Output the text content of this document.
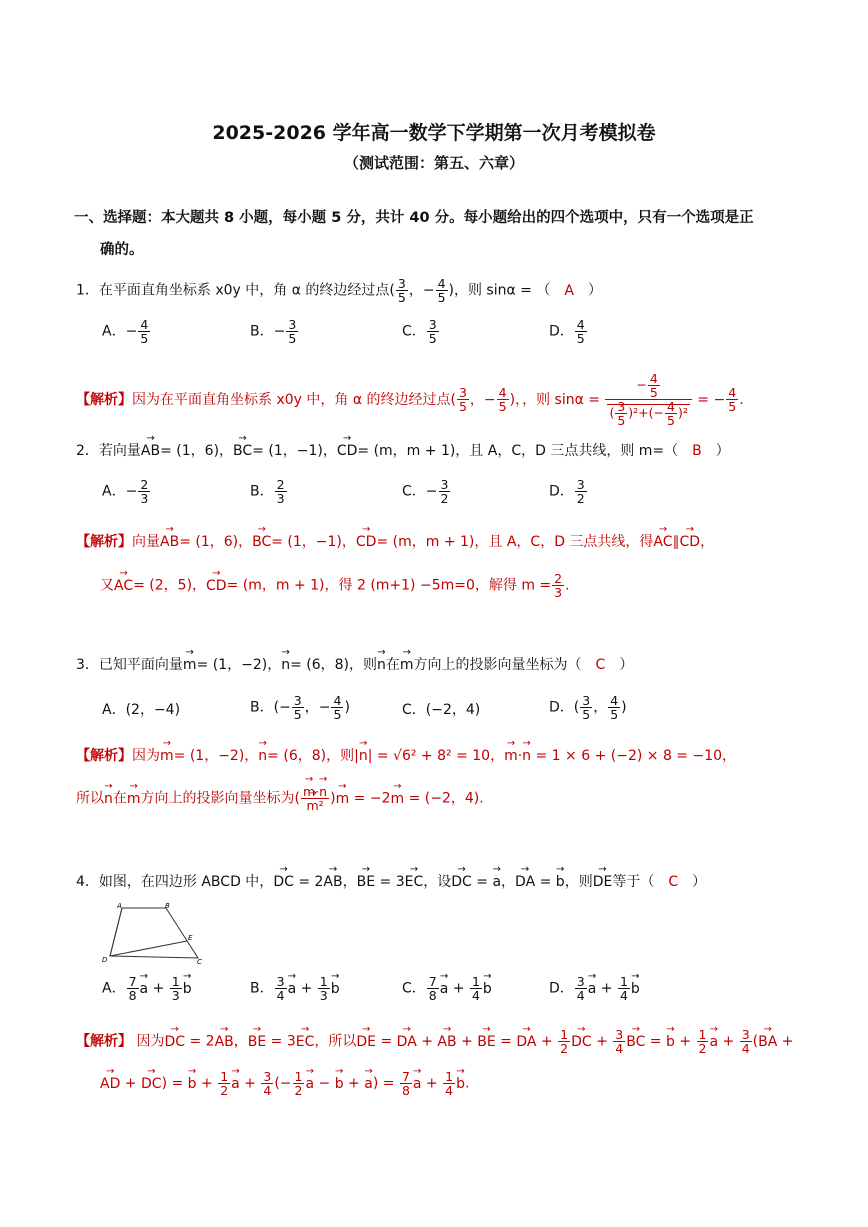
2025-2026 学年高一数学下学期第一次月考模拟卷
（测试范围：第五、六章）
一、选择题：本大题共 8 小题，每小题 5 分，共计 40 分。每小题给出的四个选项中，只有一个选项是正
确的。
1．在平面直角坐标系 x0y 中，角 α 的终边经过点( $\frac{3}{5}$ ，− $\frac{4}{5}$ )，则 sinα = （ A ）
A．− $\frac{4}{5}$	B．− $\frac{3}{5}$	C． $\frac{3}{5}$	D． $\frac{4}{5}$
【解析】因为在平面直角坐标系 x0y 中，角 α 的终边经过点( $\frac{3}{5}$ ，− $\frac{4}{5}$ )，，则 $\sin\alpha = \frac{- \frac{4}{5}}{( \frac{3}{5} )^2+(- \frac{4}{5} )^2}$ = − $\frac{4}{5}$ .
2．若向量→ AB= (1，6)，→ BC= (1，−1)，→ CD= (m，m + 1)，且 A，C，D 三点共线，则 m=（ B ）
A．− $\frac{2}{3}$	B． $\frac{2}{3}$	C．− $\frac{3}{2}$	D． $\frac{3}{2}$
【解析】向量→ AB= (1，6)，→ BC= (1，−1)，→ CD= (m，m + 1)，且 A，C，D 三点共线，得→ AC∥→ CD，
又→ AC= (2，5)，→ CD= (m，m + 1)，得 2 (m+1) −5m=0，解得 $m = \frac{2}{3}$ .
3．已知平面向量→ m= (1，−2)，→ n= (6，8)，则→ n在→ m方向上的投影向量坐标为（ C ）
A．(2，−4)	B．(− $\frac{3}{5}$ ，− $\frac{4}{5}$ )	C．(−2，4)	D．( $\frac{3}{5}$ ， $\frac{4}{5}$ )
【解析】因为→ m= (1，−2)，→ n= (6，8)，则|→ n| = √6² + 8² = 10，→ m·→ n = 1 × 6 + (−2) × 8 = −10，
所以→ n在→ m方向上的投影向量坐标为(
→ m·→ n
→ m² )→ m = −2→ m = (−2，4).
4．如图，在四边形 ABCD 中，→ DC = 2→ AB，→ BE = 3→ EC，设→ DC = → a，→ DA = → b，则→ DE等于（ C ）
A	B
E
D	C
A． $\frac{7}{8}$
→ $a + \frac{1}{3}$
→ b	B． $\frac{3}{4}$
→ $a + \frac{1}{3}$
→ b	C． $\frac{7}{8}$
→ $a + \frac{1}{4}$
→ b	D． $\frac{3}{4}$
→ $a + \frac{1}{4}$
→ b
【解析】 因为→ DC = 2→ AB，→ BE = 3→ EC，所以→ DE = → DA + → AB + → BE = → DA + $\frac{1}{2}$
→ DC + $\frac{3}{4}$
→ BC = → $b + \frac{1}{2}$
→ $a + \frac{3}{4}$ (→ BA +
→ AD + → DC) = → $b + \frac{1}{2}$
→ $a + \frac{3}{4}$ (− $\frac{1}{2}$
→ a − → b + → $a) = \frac{7}{8}$
→ $a + \frac{1}{4}$
→ b.
